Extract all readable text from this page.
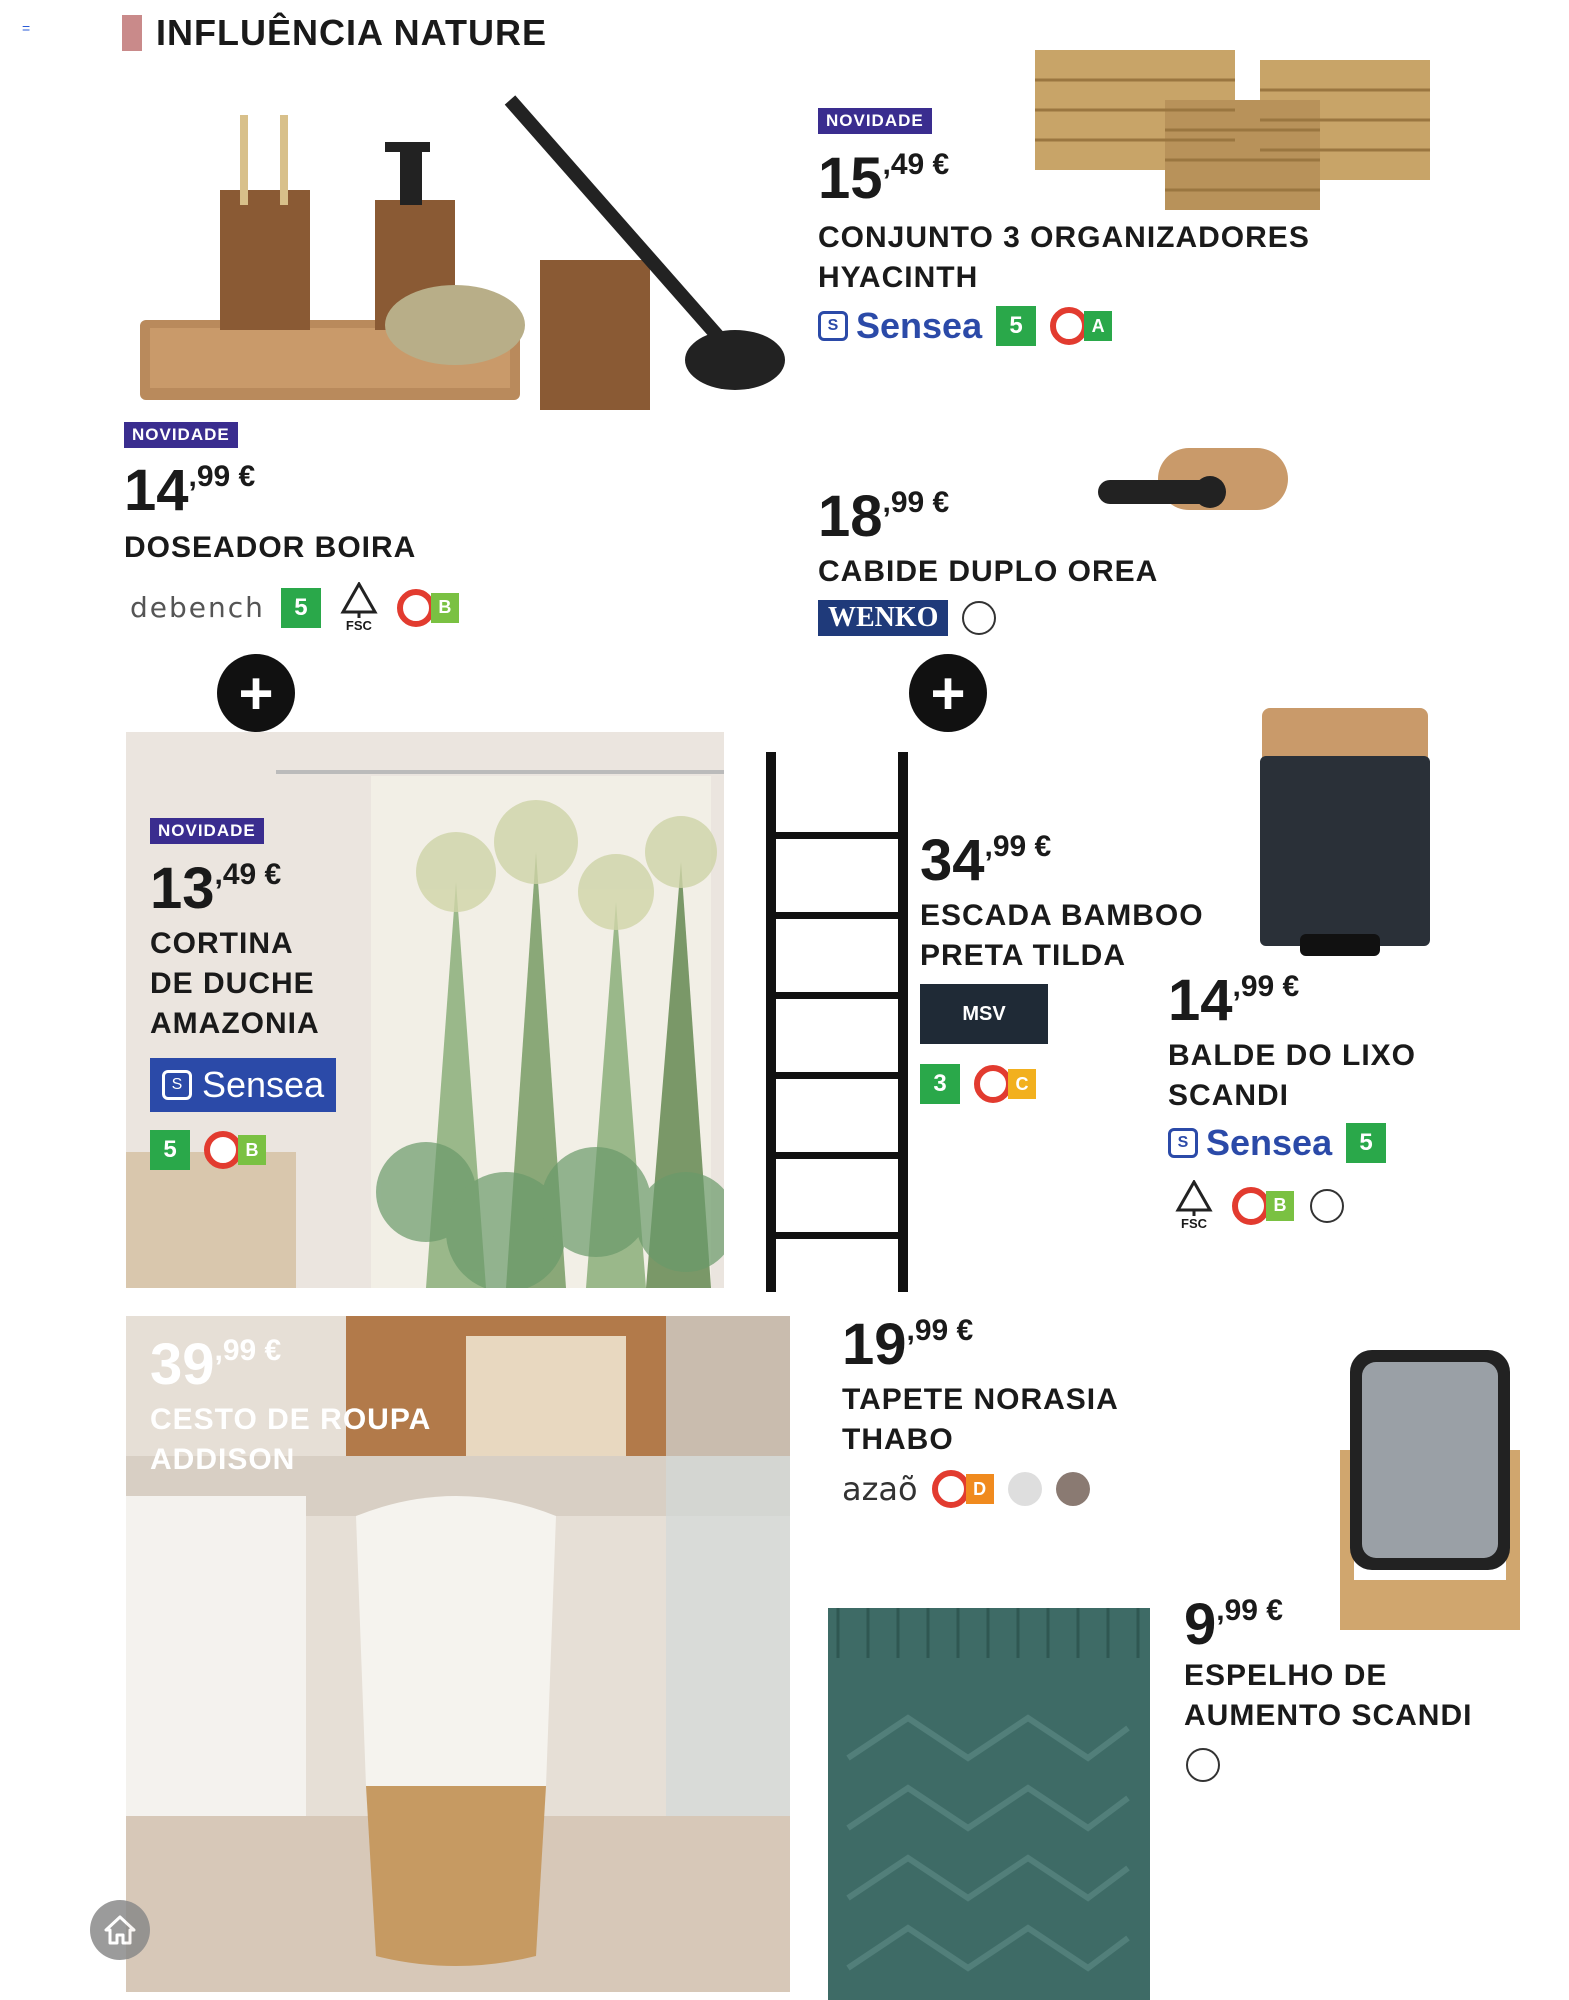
=	INFLUÊNCIA NATURE
NOVIDADE
15,49 €
CONJUNTO 3 ORGANIZADORES
HYACINTH
S Sensea	5	A
NOVIDADE
14,99 €
DOSEADOR BOIRA
debench	5
FSC
B
18,99 €
CABIDE DUPLO OREA
WENKO
+	+
NOVIDADE
13,49 €
CORTINA
DE DUCHE
AMAZONIA
S Sensea
5	B
34,99 €
ESCADA BAMBOO
PRETA TILDA
MSV
3	C
14,99 €
BALDE DO LIXO
SCANDI
S Sensea	5
FSC
B
39,99 €
CESTO DE ROUPA
ADDISON
19,99 €
TAPETE NORASIA
THABO
azaõ	D
9,99 €
ESPELHO DE
AUMENTO SCANDI
